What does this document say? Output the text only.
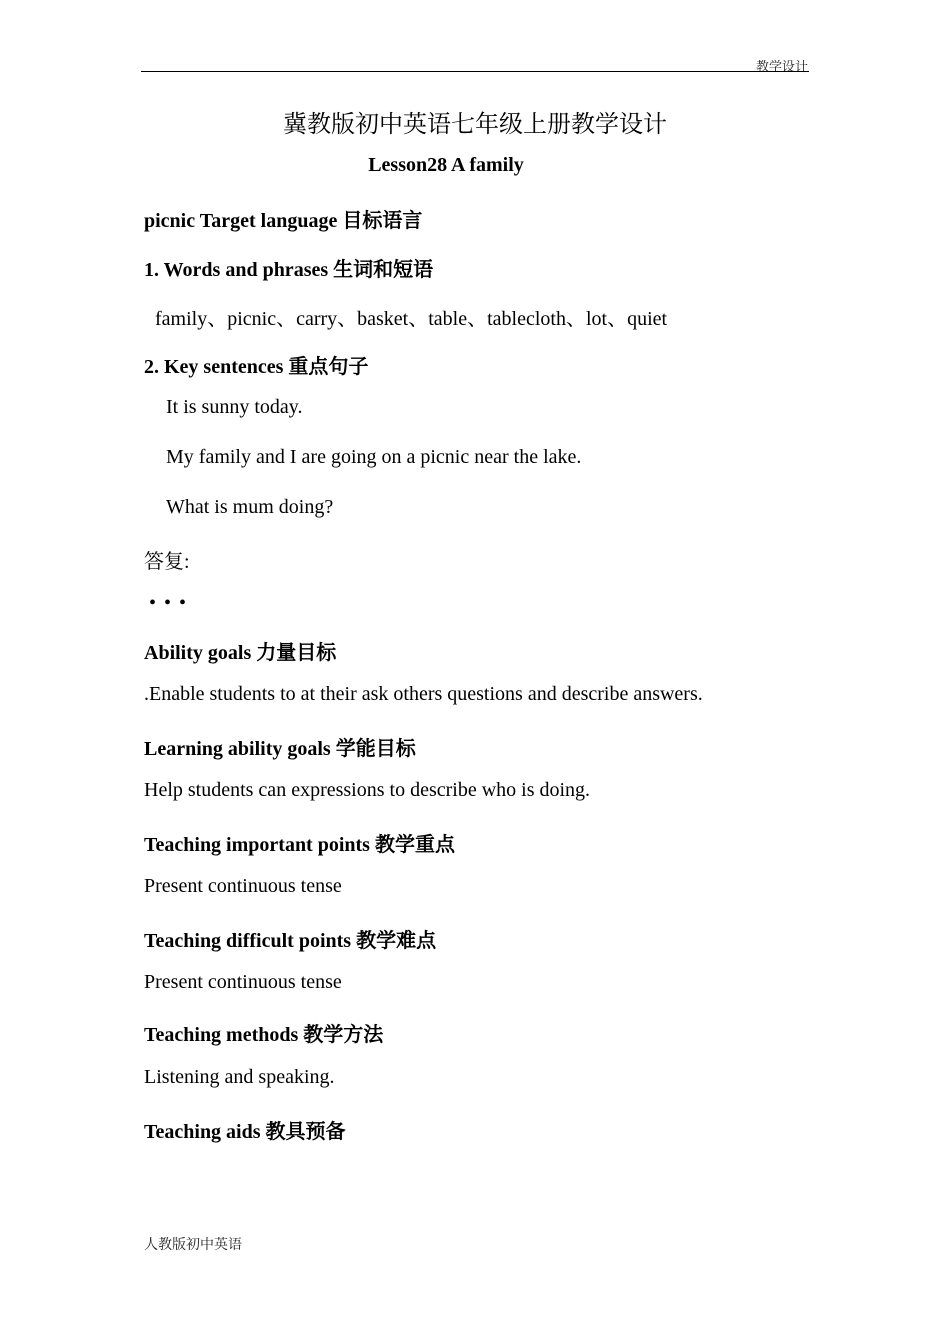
教学设计
冀教版初中英语七年级上册教学设计
Lesson28 A family
picnic Target language 目标语言
1. Words and phrases 生词和短语
family、picnic、carry、basket、table、tablecloth、lot、quiet
2. Key sentences 重点句子
It is sunny today.
My family and I are going on a picnic near the lake.
What is mum doing?
答复:
•••
Ability goals 力量目标
.Enable students to at their ask others questions and describe answers.
Learning ability goals 学能目标
Help students can expressions to describe who is doing.
Teaching important points 教学重点
Present continuous tense
Teaching difficult points 教学难点
Present continuous tense
Teaching methods 教学方法
Listening and speaking.
Teaching aids 教具预备
人教版初中英语
